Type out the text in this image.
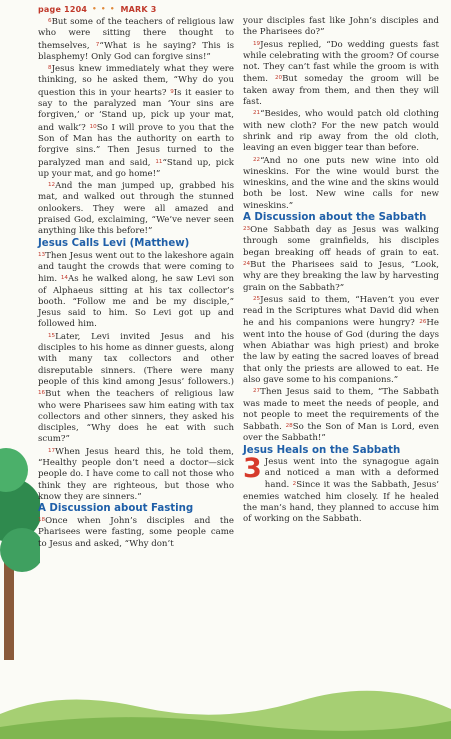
page 1204 • • • MARK 3

$^6$But some of the teachers of religious law who were sitting there thought to themselves, $^7$“What is he saying? This is blasphemy! Only God can forgive sins!”

$^8$Jesus knew immediately what they were thinking, so he asked them, “Why do you question this in your hearts? $^9$Is it easier to say to the paralyzed man ‘Your sins are forgiven,’ or ‘Stand up, pick up your mat, and walk’? $^{10}$So I will prove to you that the Son of Man has the authority on earth to forgive sins.” Then Jesus turned to the paralyzed man and said, $^{11}$“Stand up, pick up your mat, and go home!”

$^{12}$And the man jumped up, grabbed his mat, and walked out through the stunned onlookers. They were all amazed and praised God, exclaiming, “We’ve never seen anything like this before!”

Jesus Calls Levi (Matthew)

$^{13}$Then Jesus went out to the lakeshore again and taught the crowds that were coming to him. $^{14}$As he walked along, he saw Levi son of Alphaeus sitting at his tax collector’s booth. “Follow me and be my disciple,” Jesus said to him. So Levi got up and followed him.

$^{15}$Later, Levi invited Jesus and his disciples to his home as dinner guests, along with many tax collectors and other disreputable sinners. (There were many people of this kind among Jesus’ followers.) $^{16}$But when the teachers of religious law who were Pharisees saw him eating with tax collectors and other sinners, they asked his disciples, “Why does he eat with such scum?”

$^{17}$When Jesus heard this, he told them, “Healthy people don’t need a doctor—sick people do. I have come to call not those who think they are righteous, but those who know they are sinners.”

A Discussion about Fasting

$^{18}$Once when John’s disciples and the Pharisees were fasting, some people came to Jesus and asked, “Why don’t

your disciples fast like John’s disciples and the Pharisees do?”

$^{19}$Jesus replied, “Do wedding guests fast while celebrating with the groom? Of course not. They can’t fast while the groom is with them. $^{20}$But someday the groom will be taken away from them, and then they will fast.

$^{21}$“Besides, who would patch old clothing with new cloth? For the new patch would shrink and rip away from the old cloth, leaving an even bigger tear than before.

$^{22}$“And no one puts new wine into old wineskins. For the wine would burst the wineskins, and the wine and the skins would both be lost. New wine calls for new wineskins.”

A Discussion about the Sabbath

$^{23}$One Sabbath day as Jesus was walking through some grainfields, his disciples began breaking off heads of grain to eat. $^{24}$But the Pharisees said to Jesus, “Look, why are they breaking the law by harvesting grain on the Sabbath?”

$^{25}$Jesus said to them, “Haven’t you ever read in the Scriptures what David did when he and his companions were hungry? $^{26}$He went into the house of God (during the days when Abiathar was high priest) and broke the law by eating the sacred loaves of bread that only the priests are allowed to eat. He also gave some to his companions.”

$^{27}$Then Jesus said to them, “The Sabbath was made to meet the needs of people, and not people to meet the requirements of the Sabbath. $^{28}$So the Son of Man is Lord, even over the Sabbath!”

Jesus Heals on the Sabbath

3 Jesus went into the synagogue again and noticed a man with a deformed hand. $^2$Since it was the Sabbath, Jesus’ enemies watched him closely. If he healed the man’s hand, they planned to accuse him of working on the Sabbath.
